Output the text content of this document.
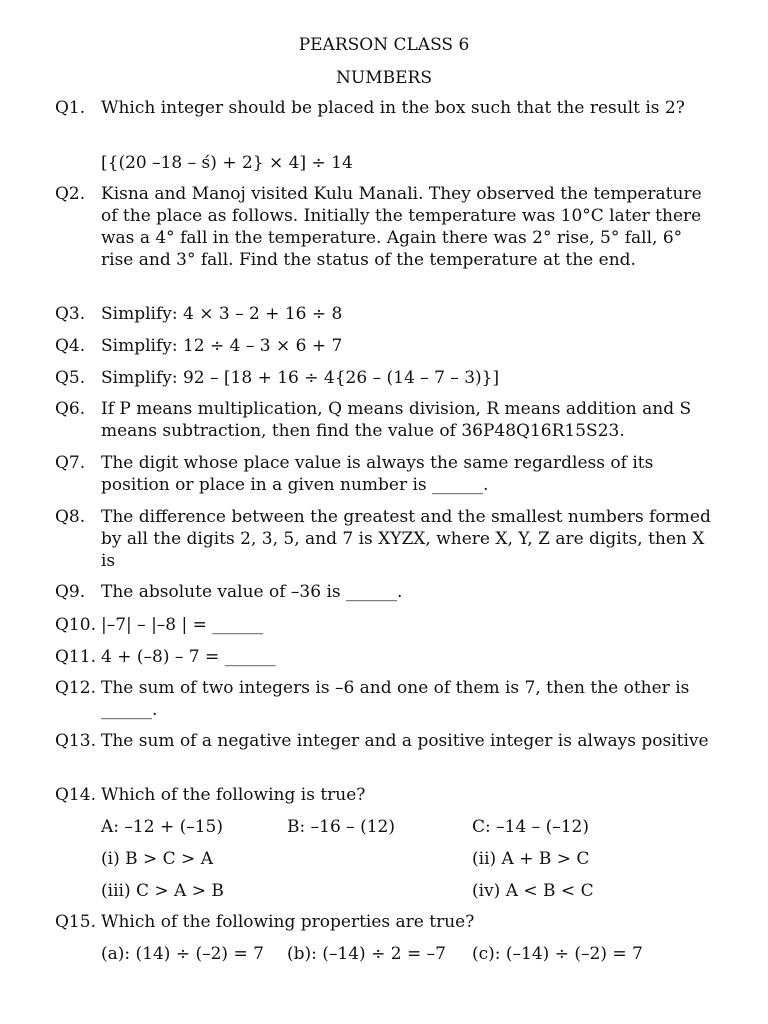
PEARSON CLASS 6
NUMBERS
Q1. Which integer should be placed in the box such that the result is 2?
[{(20 –18 – ś) + 2} × 4] ÷ 14
Q2. Kisna and Manoj visited Kulu Manali. They observed the temperature of the place as follows. Initially the temperature was 10°C later there was a 4° fall in the temperature. Again there was 2° rise, 5° fall, 6° rise and 3° fall. Find the status of the temperature at the end.
Q3. Simplify: 4 × 3 – 2 + 16 ÷ 8
Q4. Simplify: 12 ÷ 4 – 3 × 6 + 7
Q5. Simplify: 92 – [18 + 16 ÷ 4{26 – (14 – 7 – 3)}]
Q6. If P means multiplication, Q means division, R means addition and S means subtraction, then find the value of 36P48Q16R15S23.
Q7. The digit whose place value is always the same regardless of its position or place in a given number is ______.
Q8. The difference between the greatest and the smallest numbers formed by all the digits 2, 3, 5, and 7 is XYZX, where X, Y, Z are digits, then X is
Q9. The absolute value of –36 is ______.
Q10. |–7| – |–8 | = ______
Q11. 4 + (–8) – 7 = ______
Q12. The sum of two integers is –6 and one of them is 7, then the other is ______.
Q13. The sum of a negative integer and a positive integer is always positive
Q14. Which of the following is true?
A: –12 + (–15)	B: –16 – (12)	C: –14 – (–12)
(i) B > C > A	(ii) A + B > C
(iii) C > A > B	(iv) A < B < C
Q15. Which of the following properties are true?
(a): (14) ÷ (–2) = 7 (b): (–14) ÷ 2 = –7 (c): (–14) ÷ (–2) = 7
